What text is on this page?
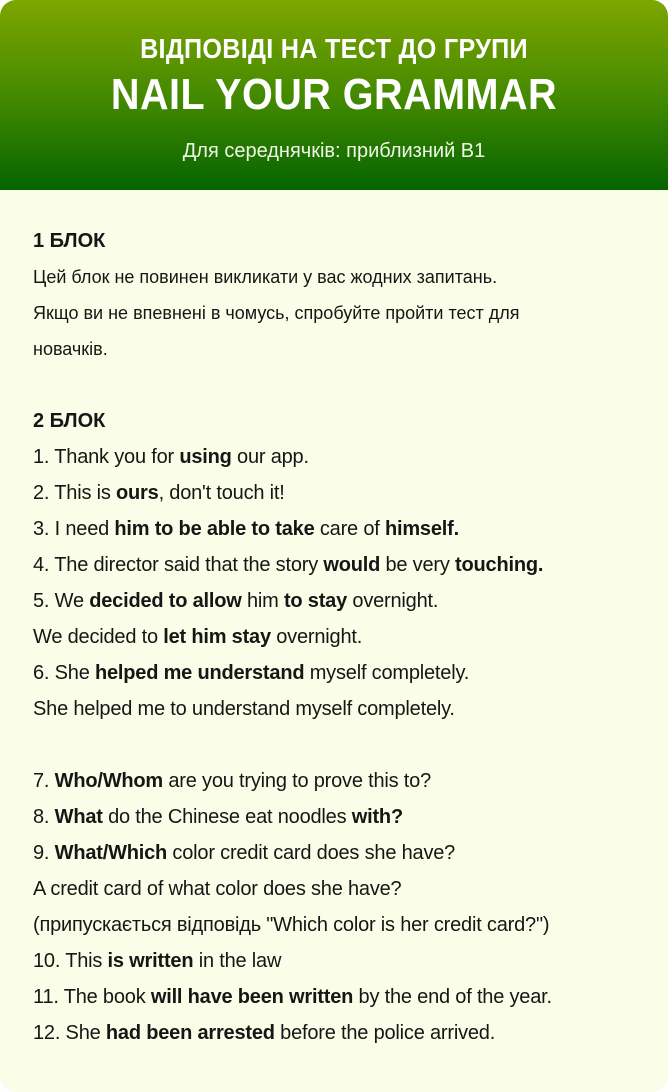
ВІДПОВІДІ НА ТЕСТ ДО ГРУПИ
NAIL YOUR GRAMMAR
Для середнячків: приблизний B1
1 БЛОК
Цей блок не повинен викликати у вас жодних запитань.
Якщо ви не впевнені в чомусь, спробуйте пройти тест для
новачків.
2 БЛОК
1. Thank you for using our app.
2. This is ours, don't touch it!
3. I need him to be able to take care of himself.
4. The director said that the story would be very touching.
5. We decided to allow him to stay overnight.
We decided to let him stay overnight.
6. She helped me understand myself completely.
She helped me to understand myself completely.
7. Who/Whom are you trying to prove this to?
8. What do the Chinese eat noodles with?
9. What/Which color credit card does she have?
A credit card of what color does she have?
(припускається відповідь "Which color is her credit card?")
10. This is written in the law
11. The book will have been written by the end of the year.
12. She had been arrested before the police arrived.
